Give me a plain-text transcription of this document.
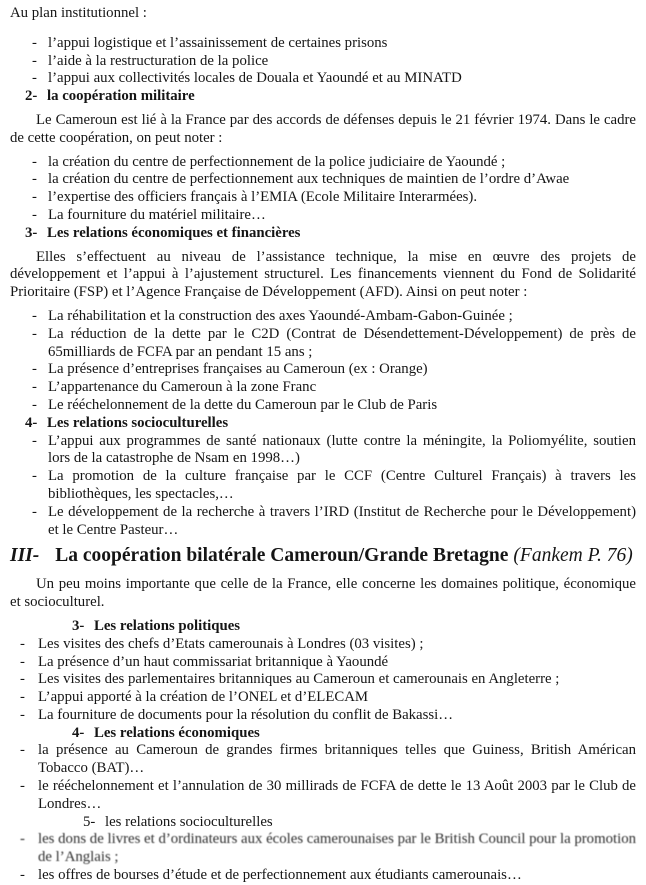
Au plan institutionnel :
- l’appui logistique et l’assainissement de certaines prisons
- l’aide à la restructuration de la police
- l’appui aux collectivités locales de Douala et Yaoundé et au MINATD
2- la coopération militaire
Le Cameroun est lié à la France par des accords de défenses depuis le 21 février 1974. Dans le cadre de cette coopération, on peut noter :
- la création du centre de perfectionnement de la police judiciaire de Yaoundé ;
- la création du centre de perfectionnement aux techniques de maintien de l’ordre d’Awae
- l’expertise des officiers français à l’EMIA (Ecole Militaire Interarmées).
- La fourniture du matériel militaire…
3- Les relations économiques et financières
Elles s’effectuent au niveau de l’assistance technique, la mise en œuvre des projets de développement et l’appui à l’ajustement structurel. Les financements viennent du Fond de Solidarité Prioritaire (FSP) et l’Agence Française de Développement (AFD). Ainsi on peut noter :
- La réhabilitation et la construction des axes Yaoundé-Ambam-Gabon-Guinée ;
- La réduction de la dette par le C2D (Contrat de Désendettement-Développement) de près de 65milliards de FCFA par an pendant 15 ans ;
- La présence d’entreprises françaises au Cameroun (ex : Orange)
- L’appartenance du Cameroun à la zone Franc
- Le rééchelonnement de la dette du Cameroun par le Club de Paris
4- Les relations socioculturelles
- L’appui aux programmes de santé nationaux (lutte contre la méningite, la Poliomyélite, soutien lors de la catastrophe de Nsam en 1998…)
- La promotion de la culture française par le CCF (Centre Culturel Français) à travers les bibliothèques, les spectacles,…
- Le développement de la recherche à travers l’IRD (Institut de Recherche pour le Développement) et le Centre Pasteur…
III- La coopération bilatérale Cameroun/Grande Bretagne (Fankem P. 76)
Un peu moins importante que celle de la France, elle concerne les domaines politique, économique et socioculturel.
3- Les relations politiques
- Les visites des chefs d’Etats camerounais à Londres (03 visites) ;
- La présence d’un haut commissariat britannique à Yaoundé
- Les visites des parlementaires britanniques au Cameroun et camerounais en Angleterre ;
- L’appui apporté à la création de l’ONEL et d’ELECAM
- La fourniture de documents pour la résolution du conflit de Bakassi…
4- Les relations économiques
- la présence au Cameroun de grandes firmes britanniques telles que Guiness, British Américan Tobacco (BAT)…
- le rééchelonnement et l’annulation de 30 millirads de FCFA de dette le 13 Août 2003 par le Club de Londres…
5- les relations socioculturelles
- les dons de livres et d’ordinateurs aux écoles camerounaises par le British Council pour la promotion de l’Anglais ;
- les offres de bourses d’étude et de perfectionnement aux étudiants camerounais…
